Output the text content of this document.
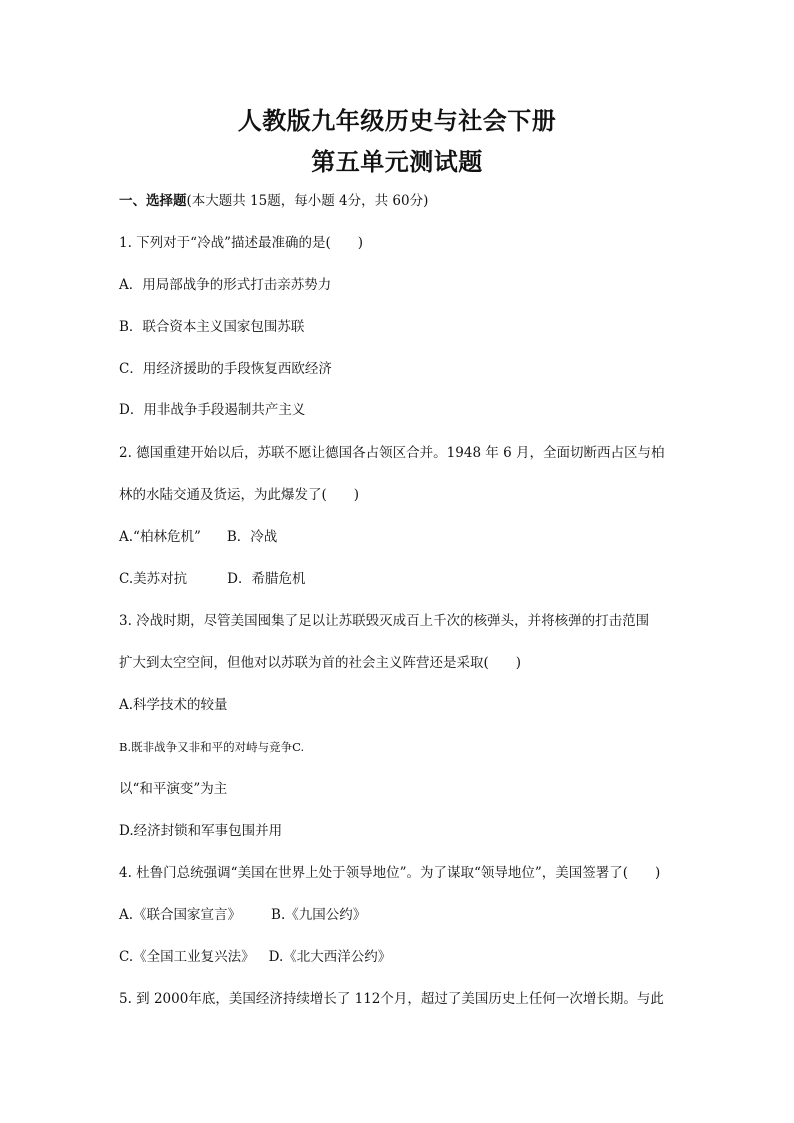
人教版九年级历史与社会下册
第五单元测试题
一、选择题(本大题共 15题，每小题 4分，共 60分)
1. 下列对于“冷战”描述最准确的是(　　)
A．用局部战争的形式打击亲苏势力
B．联合资本主义国家包围苏联
C．用经济援助的手段恢复西欧经济
D．用非战争手段遏制共产主义
2. 德国重建开始以后，苏联不愿让德国各占领区合并。1948 年 6 月，全面切断西占区与柏
林的水陆交通及货运，为此爆发了(　　)
A.“柏林危机” B．冷战
C.美苏对抗	D．希腊危机
3. 冷战时期，尽管美国囤集了足以让苏联毁灭成百上千次的核弹头，并将核弹的打击范围
扩大到太空空间，但他对以苏联为首的社会主义阵营还是采取(　　)
A.科学技术的较量
B.既非战争又非和平的对峙与竞争C.
以“和平演变”为主
D.经济封锁和军事包围并用
4. 杜鲁门总统强调“美国在世界上处于领导地位”。为了谋取“领导地位”，美国签署了(　　)
A.《联合国家宣言》 B.《九国公约》
C.《全国工业复兴法》 D.《北大西洋公约》
5. 到 2000年底，美国经济持续增长了 112个月，超过了美国历史上任何一次增长期。与此
